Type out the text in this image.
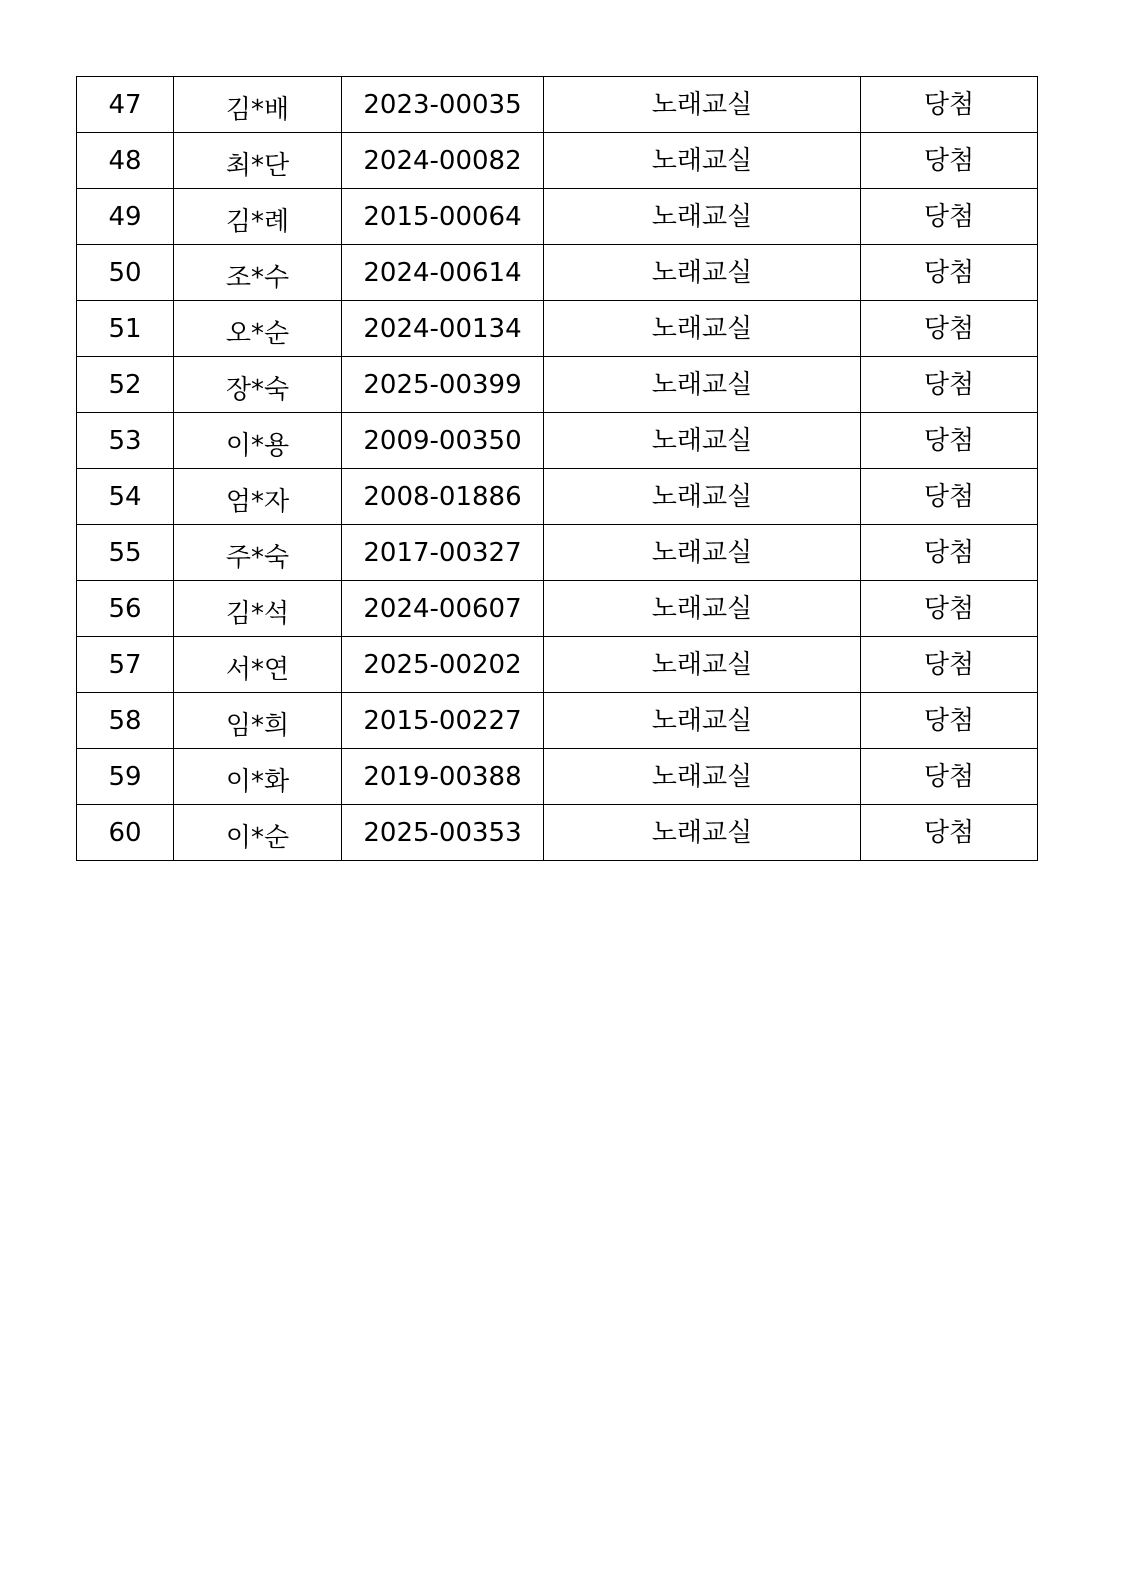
47	김*배	2023-00035	노래교실	당첨
48	최*단	2024-00082	노래교실	당첨
49	김*례	2015-00064	노래교실	당첨
50	조*수	2024-00614	노래교실	당첨
51	오*순	2024-00134	노래교실	당첨
52	장*숙	2025-00399	노래교실	당첨
53	이*용	2009-00350	노래교실	당첨
54	엄*자	2008-01886	노래교실	당첨
55	주*숙	2017-00327	노래교실	당첨
56	김*석	2024-00607	노래교실	당첨
57	서*연	2025-00202	노래교실	당첨
58	임*희	2015-00227	노래교실	당첨
59	이*화	2019-00388	노래교실	당첨
60	이*순	2025-00353	노래교실	당첨
